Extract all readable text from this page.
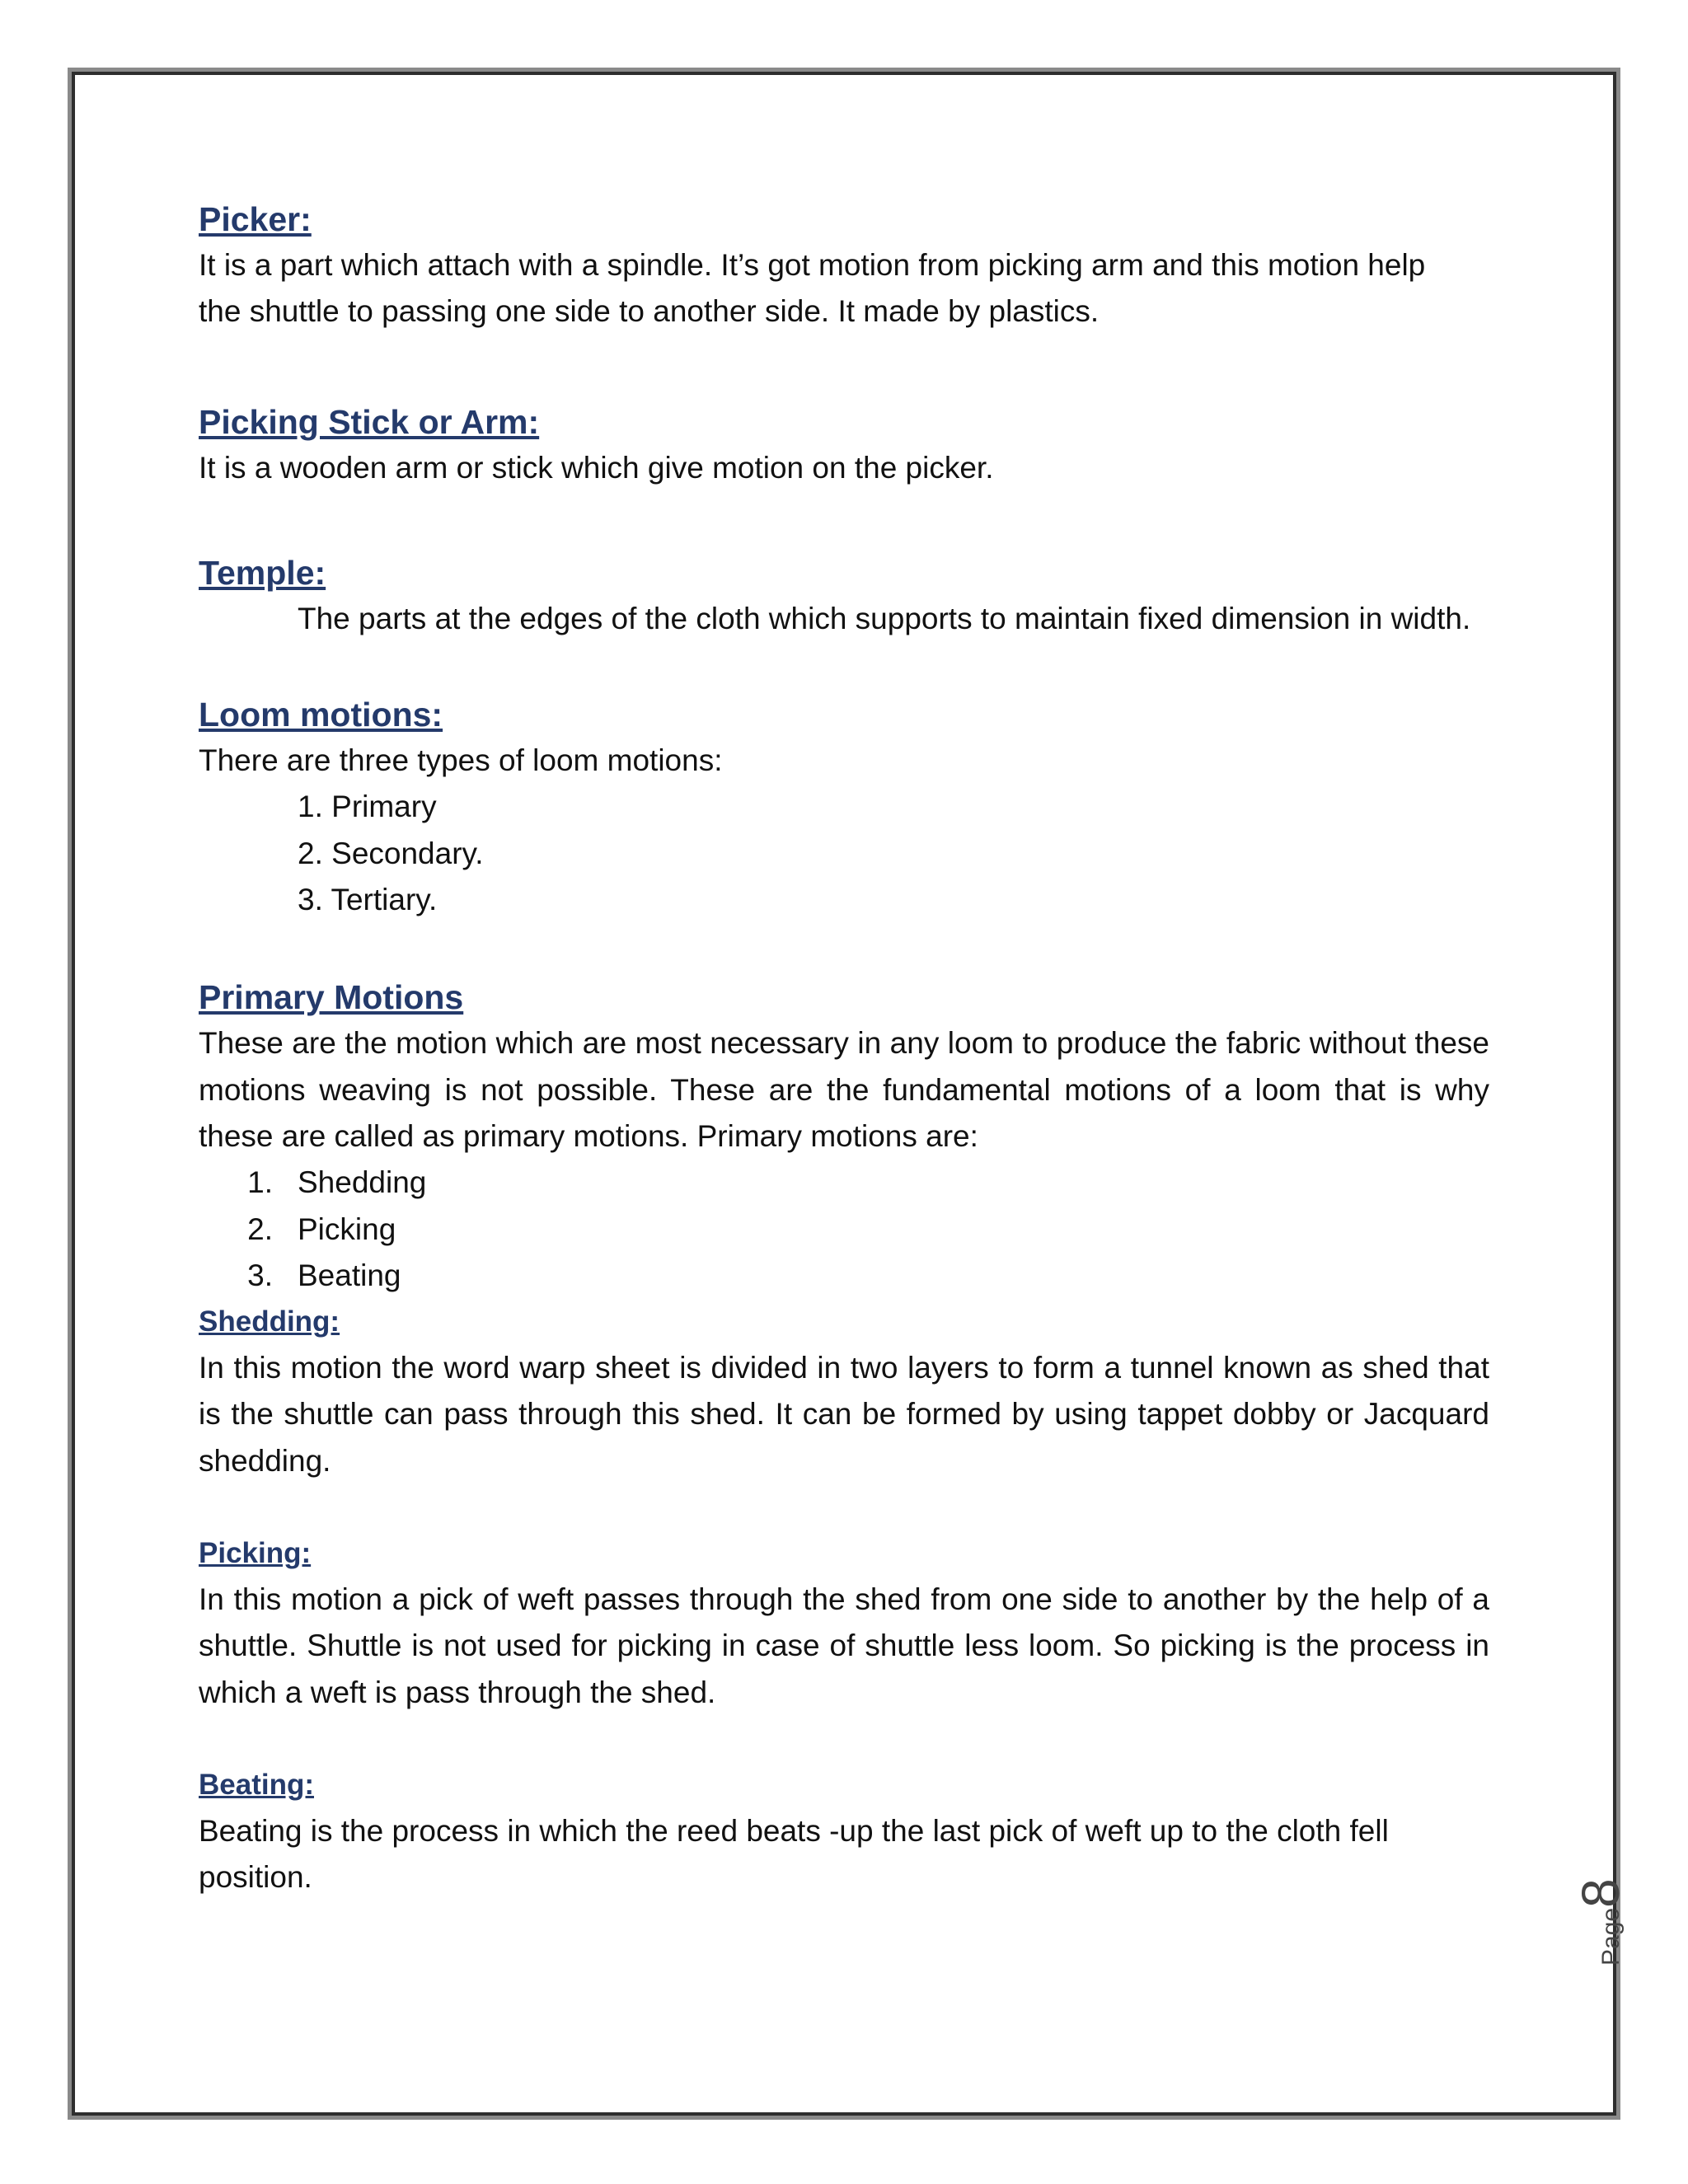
Picker:

It is a part which attach with a spindle. It’s got motion from picking arm and this motion help

the shuttle to passing one side to another side. It made by plastics.

Picking Stick or Arm:

It is a wooden arm or stick which give motion on the picker.

Temple:

The parts at the edges of the cloth which supports to maintain fixed dimension in width.

Loom motions:

There are three types of loom motions:

1. Primary
2. Secondary.
3. Tertiary.

Primary Motions

These are the motion which are most necessary in any loom to produce the fabric without these motions weaving is not possible. These are the fundamental motions of a loom that is why these are called as primary motions. Primary motions are:

1. Shedding
2. Picking
3. Beating

Shedding:

In this motion the word warp sheet is divided in two layers to form a tunnel known as shed that is the shuttle can pass through this shed. It can be formed by using tappet dobby or Jacquard shedding.

Picking:

In this motion a pick of weft passes through the shed from one side to another by the help of a shuttle. Shuttle is not used for picking in case of shuttle less loom. So picking is the process in which a weft is pass through the shed.

Beating:

Beating is the process in which the reed beats -up the last pick of weft up to the cloth fell position.

Page8
